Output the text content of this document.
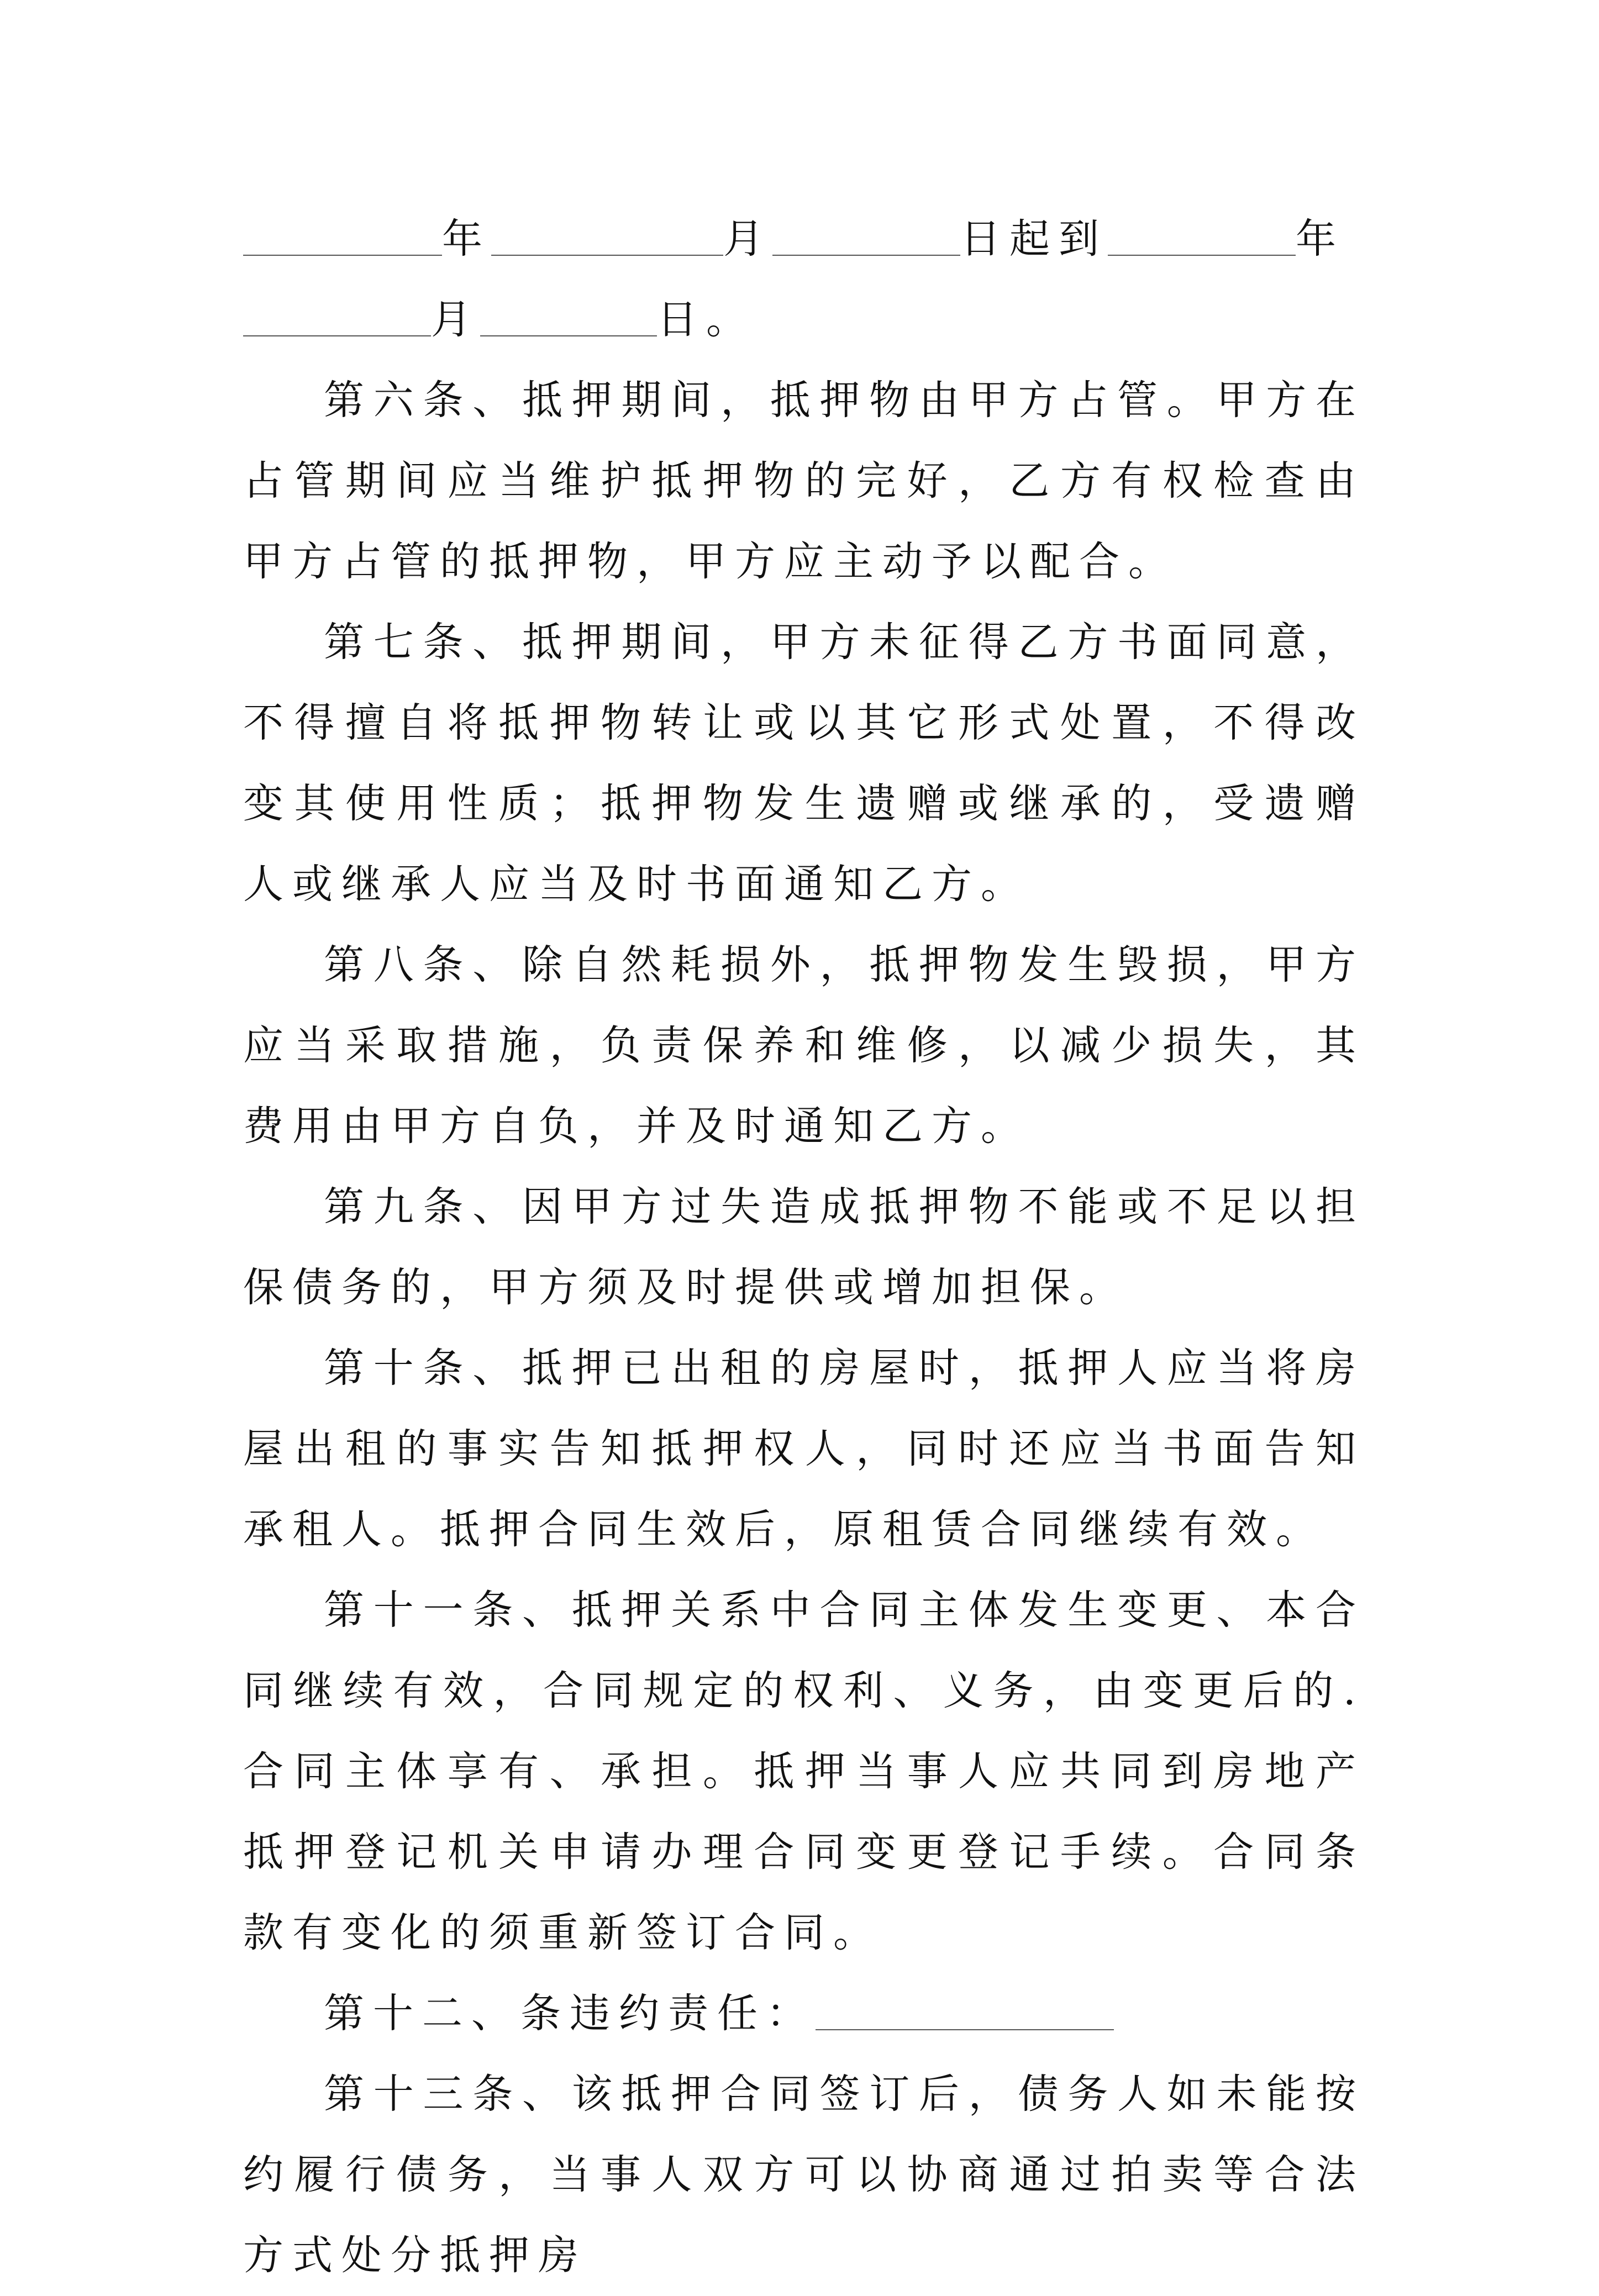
年	月	日起到	年
月	日。

第六条、抵押期间，抵押物由甲方占管。甲方在占管期间应当维护抵押物的完好，乙方有权检查由甲方占管的抵押物，甲方应主动予以配合。

第七条、抵押期间，甲方未征得乙方书面同意，不得擅自将抵押物转让或以其它形式处置，不得改变其使用性质；抵押物发生遗赠或继承的，受遗赠人或继承人应当及时书面通知乙方。

第八条、除自然耗损外，抵押物发生毁损，甲方应当采取措施，负责保养和维修，以减少损失，其费用由甲方自负，并及时通知乙方。

第九条、因甲方过失造成抵押物不能或不足以担保债务的，甲方须及时提供或增加担保。

第十条、抵押已出租的房屋时，抵押人应当将房屋出租的事实告知抵押权人，同时还应当书面告知承租人。抵押合同生效后，原租赁合同继续有效。

第十一条、抵押关系中合同主体发生变更、本合同继续有效，合同规定的权利、义务，由变更后的.合同主体享有、承担。抵押当事人应共同到房地产抵押登记机关申请办理合同变更登记手续。合同条款有变化的须重新签订合同。

第十二、条违约责任：

第十三条、该抵押合同签订后，债务人如未能按约履行债务，当事人双方可以协商通过拍卖等合法方式处分抵押房
